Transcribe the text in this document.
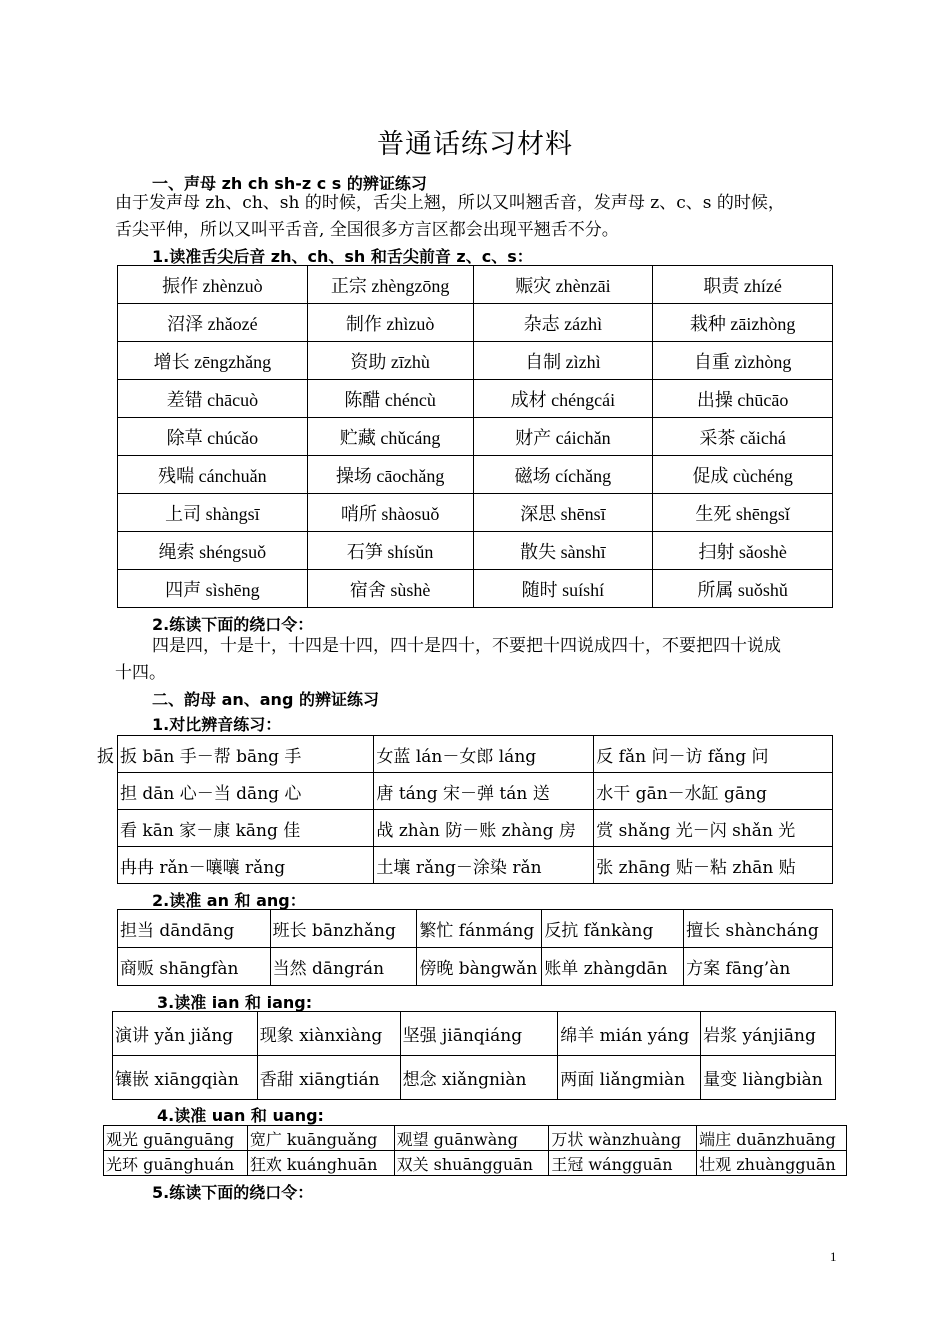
普通话练习材料
一、声母 zh ch sh-z c s 的辨证练习
由于发声母 zh、ch、sh 的时候，舌尖上翘，所以又叫翘舌音，发声母 z、c、s 的时候，
舌尖平伸，所以又叫平舌音, 全国很多方言区都会出现平翘舌不分。
1.读准舌尖后音 zh、ch、sh 和舌尖前音 z、c、s：
振作 zhènzuò	正宗 zhèngzōng	赈灾 zhènzāi	职责 zhízé
沼泽 zhǎozé	制作 zhìzuò	杂志 zázhì	栽种 zāizhòng
增长 zēngzhǎng	资助 zīzhù	自制 zìzhì	自重 zìzhòng
差错 chācuò	陈醋 chéncù	成材 chéngcái	出操 chūcāo
除草 chúcǎo	贮藏 chǔcáng	财产 cáichǎn	采茶 cǎichá
残喘 cánchuǎn	操场 cāochǎng	磁场 cíchǎng	促成 cùchéng
上司 shàngsī	哨所 shàosuǒ	深思 shēnsī	生死 shēngsǐ
绳索 shéngsuǒ	石笋 shísǔn	散失 sànshī	扫射 sǎoshè
四声 sìshēng	宿舍 sùshè	随时 suíshí	所属 suǒshǔ
2.练读下面的绕口令：
四是四，十是十，十四是十四，四十是四十，不要把十四说成四十，不要把四十说成
十四。
二、韵母 an、ang 的辨证练习
1.对比辨音练习：
扳 扳 bān 手－帮 bāng 手	女蓝 lán－女郎 láng	反 fǎn 问－访 fǎng 问
担 dān 心－当 dāng 心	唐 táng 宋－弹 tán 送	水干 gān－水缸 gāng
看 kān 家－康 kāng 佳	战 zhàn 防－账 zhàng 房	赏 shǎng 光－闪 shǎn 光
冉冉 rǎn－嚷嚷 rǎng	土壤 rǎng－涂染 rǎn	张 zhāng 贴－粘 zhān 贴
2.读准 an 和 ang：
担当 dāndāng	班长 bānzhǎng	繁忙 fánmáng	反抗 fǎnkàng	擅长 shàncháng
商贩 shāngfàn	当然 dāngrán	傍晚 bàngwǎn	账单 zhàngdān	方案 fāng’àn
3.读准 ian 和 iang:
演讲 yǎn jiǎng	现象 xiànxiàng	坚强 jiānqiáng	绵羊 mián yáng	岩浆 yánjiāng
镶嵌 xiāngqiàn	香甜 xiāngtián	想念 xiǎngniàn	两面 liǎngmiàn	量变 liàngbiàn
4.读准 uan 和 uang:
观光 guānguāng	宽广 kuānguǎng	观望 guānwàng	万状 wànzhuàng	端庄 duānzhuāng
光环 guānghuán	狂欢 kuánghuān	双关 shuāngguān	王冠 wángguān	壮观 zhuàngguān
5.练读下面的绕口令：
1
